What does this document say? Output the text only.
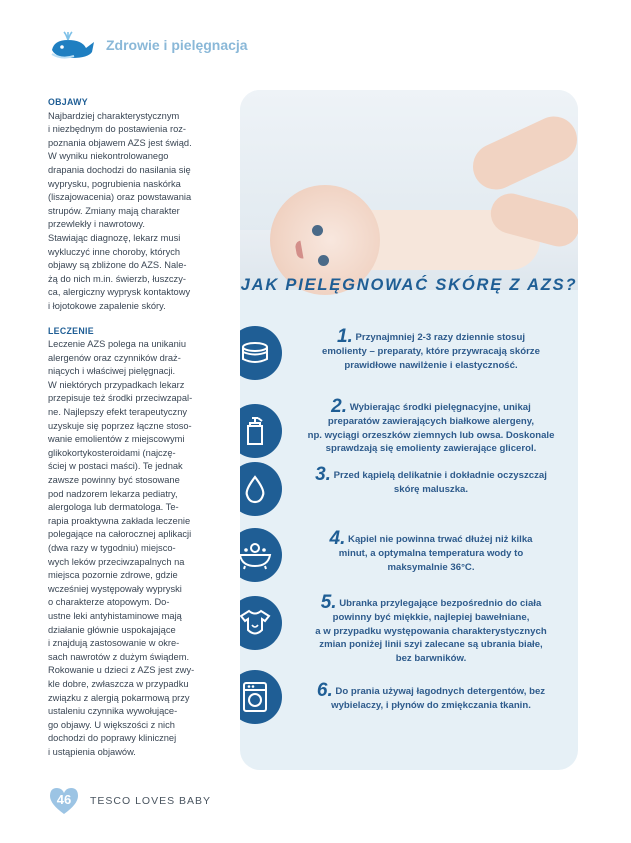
Zdrowie i pielęgnacja
OBJAWY

Najbardziej charakterystycznym

i niezbędnym do postawienia roz-

poznania objawem AZS jest świąd.

W wyniku niekontrolowanego

drapania dochodzi do nasilania się

wyprysku, pogrubienia naskórka

(liszajowacenia) oraz powstawania

strupów. Zmiany mają charakter

przewlekły i nawrotowy.

Stawiając diagnozę, lekarz musi

wykluczyć inne choroby, których

objawy są zbliżone do AZS. Nale-

żą do nich m.in. świerzb, łuszczy-

ca, alergiczny wyprysk kontaktowy

i łojotokowe zapalenie skóry.

LECZENIE

Leczenie AZS polega na unikaniu

alergenów oraz czynników draż-

niących i właściwej pielęgnacji.

W niektórych przypadkach lekarz

przepisuje też środki przeciwzapal-

ne. Najlepszy efekt terapeutyczny

uzyskuje się poprzez łączne stoso-

wanie emolientów z miejscowymi

glikokortykosteroidami (najczę-

ściej w postaci maści). Te jednak

zawsze powinny być stosowane

pod nadzorem lekarza pediatry,

alergologa lub dermatologa. Te-

rapia proaktywna zakłada leczenie

polegające na całorocznej aplikacji

(dwa razy w tygodniu) miejsco-

wych leków przeciwzapalnych na

miejsca pozornie zdrowe, gdzie

wcześniej występowały wypryski

o charakterze atopowym. Do-

ustne leki antyhistaminowe mają

działanie głównie uspokajające

i znajdują zastosowanie w okre-

sach nawrotów z dużym świądem.

Rokowanie u dzieci z AZS jest zwy-

kle dobre, zwłaszcza w przypadku

związku z alergią pokarmową przy

ustaleniu czynnika wywołujące-

go objawy. U większości z nich

dochodzi do poprawy klinicznej

i ustąpienia objawów.

JAK PIELĘGNOWAĆ SKÓRĘ Z AZS?
1. Przynajmniej 2-3 razy dziennie stosuj
emolienty – preparaty, które przywracają skórze
prawidłowe nawilżenie i elastyczność.
2. Wybierając środki pielęgnacyjne, unikaj
preparatów zawierających białkowe alergeny,
np. wyciągi orzeszków ziemnych lub owsa. Doskonale
sprawdzają się emolienty zawierające glicerol.
3. Przed kąpielą delikatnie i dokładnie oczyszczaj
skórę maluszka.
4. Kąpiel nie powinna trwać dłużej niż kilka
minut, a optymalna temperatura wody to
maksymalnie 36°C.
5. Ubranka przylegające bezpośrednio do ciała
powinny być miękkie, najlepiej bawełniane,
a w przypadku występowania charakterystycznych
zmian poniżej linii szyi zalecane są ubrania białe,
bez barwników.
6. Do prania używaj łagodnych detergentów, bez
wybielaczy, i płynów do zmiękczania tkanin.
46	TESCO LOVES BABY
